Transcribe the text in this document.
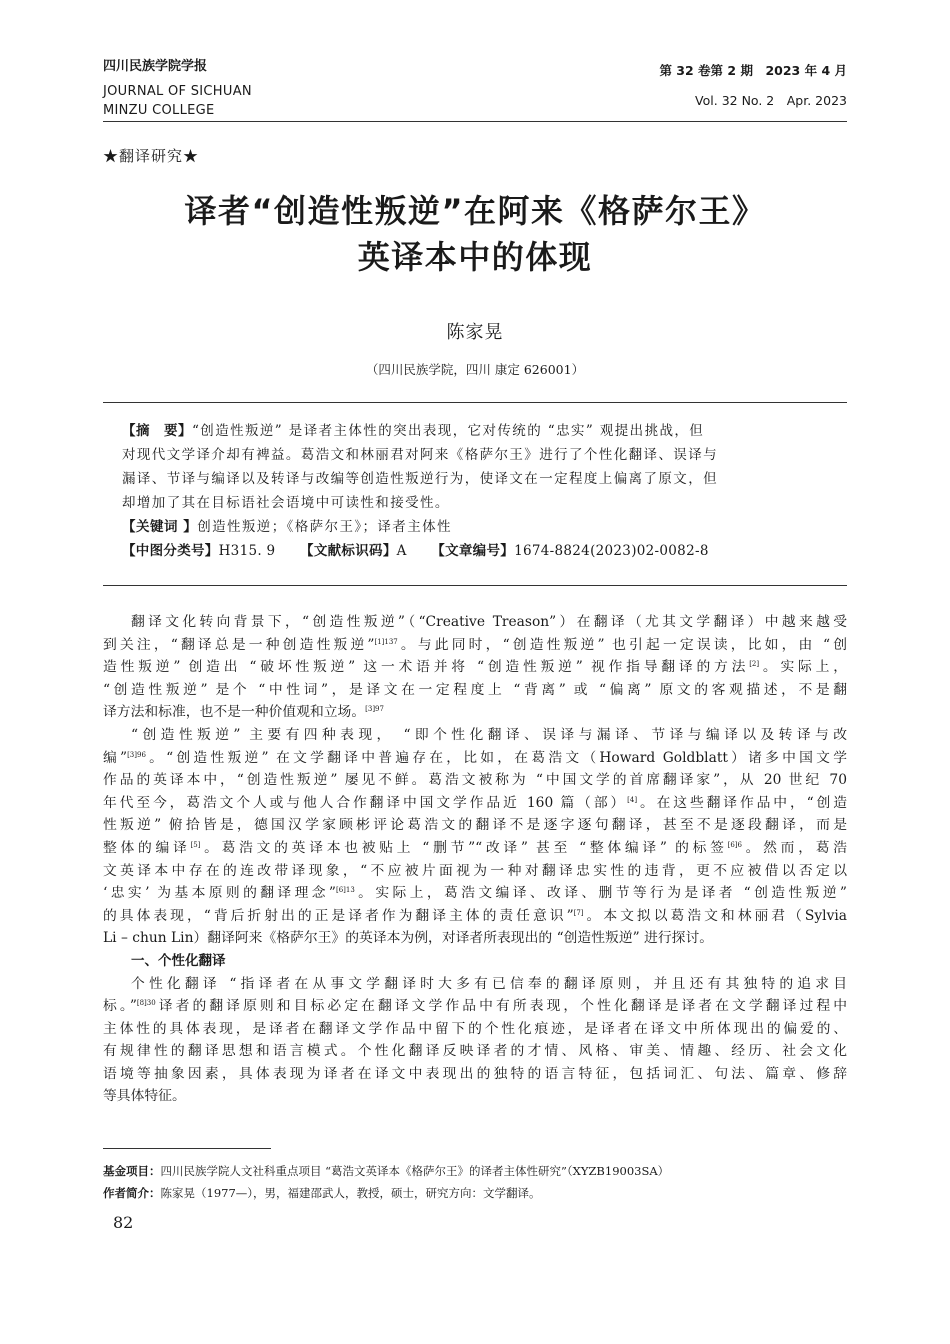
四川民族学院学报
JOURNAL OF SICHUAN
MINZU COLLEGE
第 32 卷第 2 期　2023 年 4 月
Vol. 32 No. 2　Apr. 2023
★翻译研究★
译者“创造性叛逆”在阿来《格萨尔王》
英译本中的体现
陈家晃
（四川民族学院，四川 康定 626001）
【摘　要】“创造性叛逆” 是译者主体性的突出表现，它对传统的 “忠实” 观提出挑战，但
对现代文学译介却有裨益。葛浩文和林丽君对阿来《格萨尔王》进行了个性化翻译、误译与
漏译、节译与编译以及转译与改编等创造性叛逆行为，使译文在一定程度上偏离了原文，但
却增加了其在目标语社会语境中可读性和接受性。
【关键词 】创造性叛逆；《格萨尔王》；译者主体性
【中图分类号】H315. 9 【文献标识码】A 【文章编号】1674-8824(2023)02-0082-8
翻译文化转向背景下，“创造性叛逆”（“Creative Treason”）在翻译（尤其文学翻译）中越来越受
到关注，“翻译总是一种创造性叛逆”$^{[1]137}$。与此同时，“创造性叛逆” 也引起一定误读，比如，由 “创
造性叛逆” 创造出 “破坏性叛逆” 这一术语并将 “创造性叛逆” 视作指导翻译的方法[2]。实际上，
“创造性叛逆” 是个 “中性词”，是译文在一定程度上 “背离” 或 “偏离” 原文的客观描述，不是翻
译方法和标准，也不是一种价值观和立场。$^{[3]97}$
“创造性叛逆” 主要有四种表现， “即个性化翻译、误译与漏译、节译与编译以及转译与改
编”$^{[3]96}$。“创造性叛逆” 在文学翻译中普遍存在，比如，在葛浩文（Howard Goldblatt）诸多中国文学
作品的英译本中，“创造性叛逆” 屡见不鲜。葛浩文被称为 “中国文学的首席翻译家”，从 20 世纪 70
年代至今，葛浩文个人或与他人合作翻译中国文学作品近 160 篇（部）[4]。在这些翻译作品中，“创造
性叛逆” 俯拾皆是，德国汉学家顾彬评论葛浩文的翻译不是逐字逐句翻译，甚至不是逐段翻译，而是
整体的编译[5]。葛浩文的英译本也被贴上 “删节”“改译” 甚至 “整体编译” 的标签$^{[6]6}$。然而，葛浩
文英译本中存在的连改带译现象，“不应被片面视为一种对翻译忠实性的违背，更不应被借以否定以
‘忠实’ 为基本原则的翻译理念”$^{[6]13}$。实际上，葛浩文编译、改译、删节等行为是译者 “创造性叛逆”
的具体表现，“背后折射出的正是译者作为翻译主体的责任意识”[7]。本文拟以葛浩文和林丽君（Sylvia
Li – chun Lin）翻译阿来《格萨尔王》的英译本为例，对译者所表现出的 “创造性叛逆” 进行探讨。
一、个性化翻译
个性化翻译 “指译者在从事文学翻译时大多有已信奉的翻译原则，并且还有其独特的追求目
标。”$^{[8]30}$译者的翻译原则和目标必定在翻译文学作品中有所表现，个性化翻译是译者在文学翻译过程中
主体性的具体表现，是译者在翻译文学作品中留下的个性化痕迹，是译者在译文中所体现出的偏爱的、
有规律性的翻译思想和语言模式。个性化翻译反映译者的才情、风格、审美、情趣、经历、社会文化
语境等抽象因素，具体表现为译者在译文中表现出的独特的语言特征，包括词汇、句法、篇章、修辞
等具体特征。
基金项目：四川民族学院人文社科重点项目 “葛浩文英译本《格萨尔王》的译者主体性研究”（XYZB19003SA）
作者简介：陈家晃（1977—），男，福建邵武人，教授，硕士，研究方向：文学翻译。
82
